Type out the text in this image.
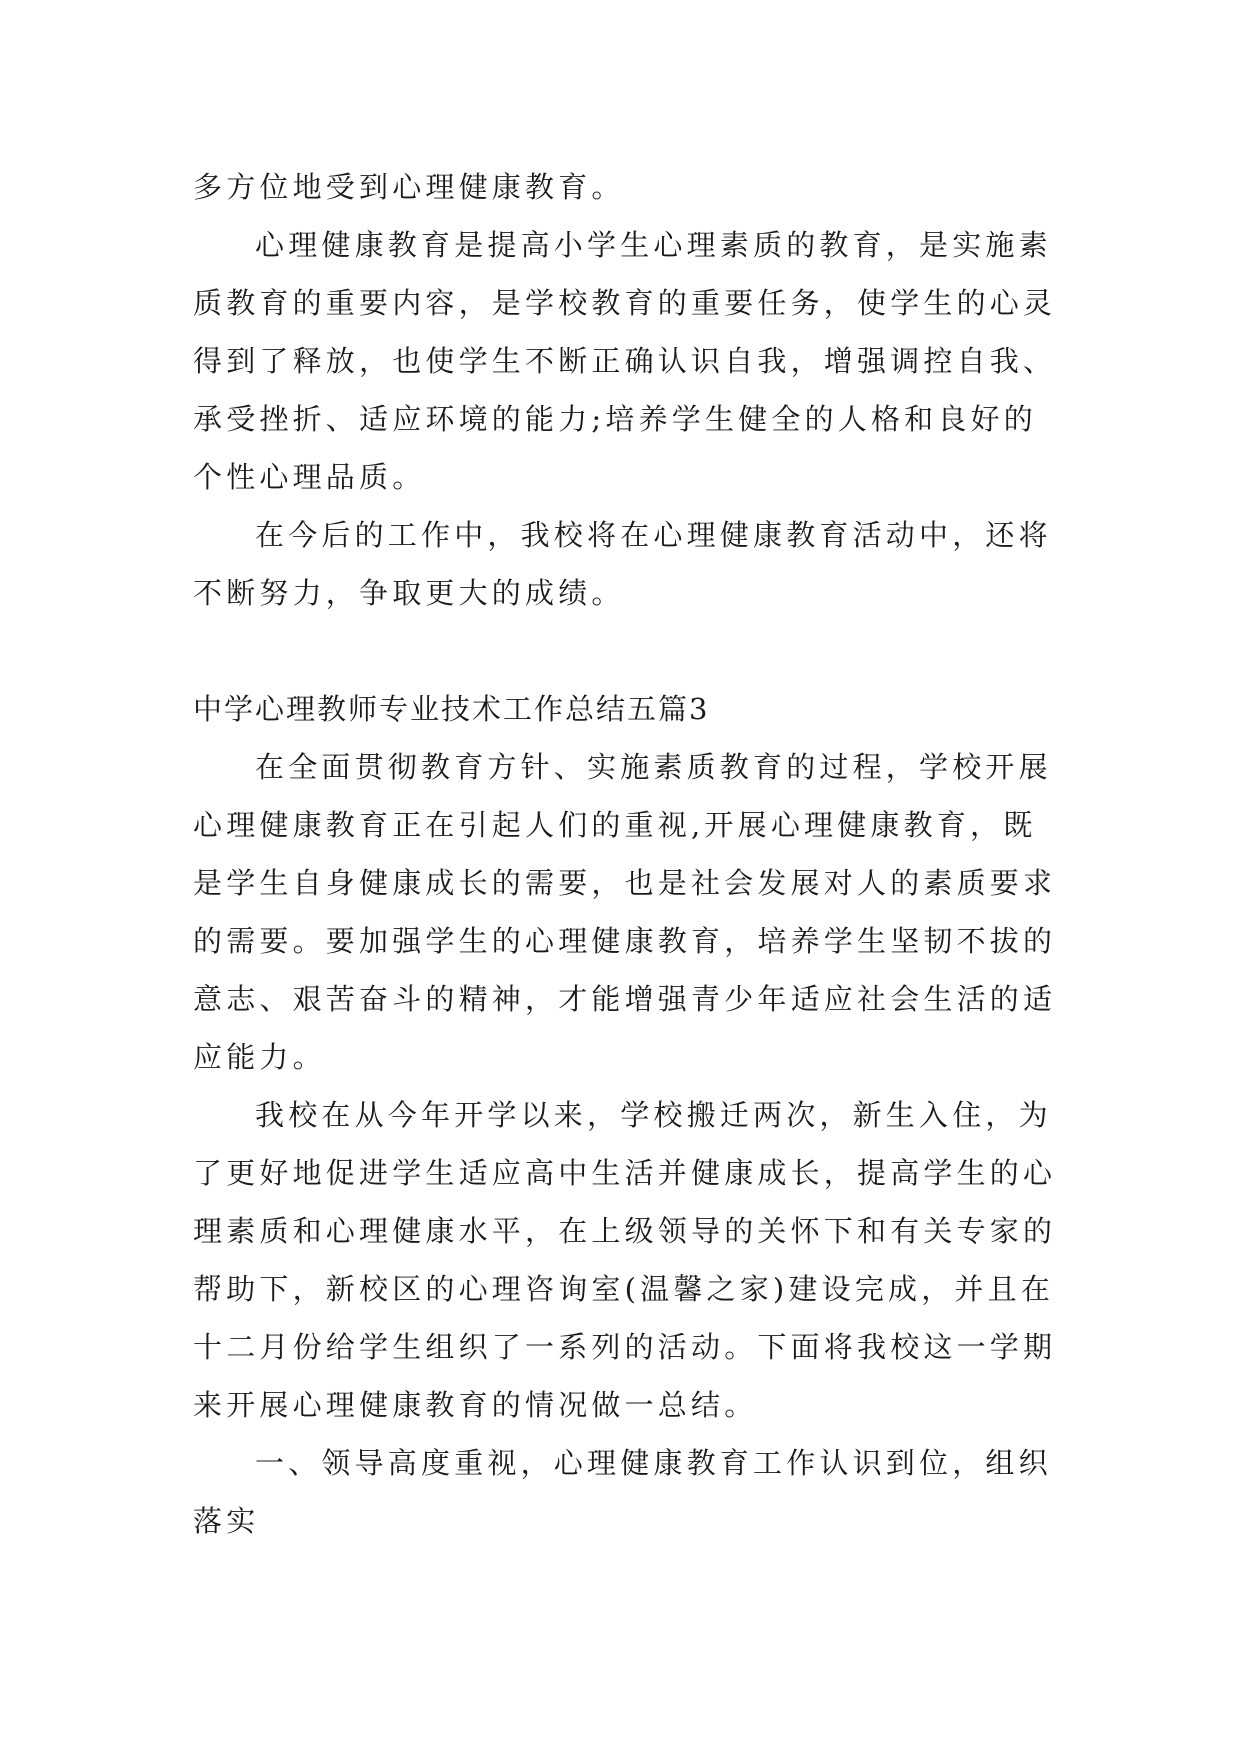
多方位地受到心理健康教育。
心理健康教育是提高小学生心理素质的教育，是实施素
质教育的重要内容，是学校教育的重要任务，使学生的心灵
得到了释放，也使学生不断正确认识自我，增强调控自我、
承受挫折、适应环境的能力;培养学生健全的人格和良好的
个性心理品质。
在今后的工作中，我校将在心理健康教育活动中，还将
不断努力，争取更大的成绩。
中学心理教师专业技术工作总结五篇3
在全面贯彻教育方针、实施素质教育的过程，学校开展
心理健康教育正在引起人们的重视,开展心理健康教育，既
是学生自身健康成长的需要，也是社会发展对人的素质要求
的需要。要加强学生的心理健康教育，培养学生坚韧不拔的
意志、艰苦奋斗的精神，才能增强青少年适应社会生活的适
应能力。
我校在从今年开学以来，学校搬迁两次，新生入住，为
了更好地促进学生适应高中生活并健康成长，提高学生的心
理素质和心理健康水平，在上级领导的关怀下和有关专家的
帮助下，新校区的心理咨询室(温馨之家)建设完成，并且在
十二月份给学生组织了一系列的活动。下面将我校这一学期
来开展心理健康教育的情况做一总结。
一、领导高度重视，心理健康教育工作认识到位，组织
落实
